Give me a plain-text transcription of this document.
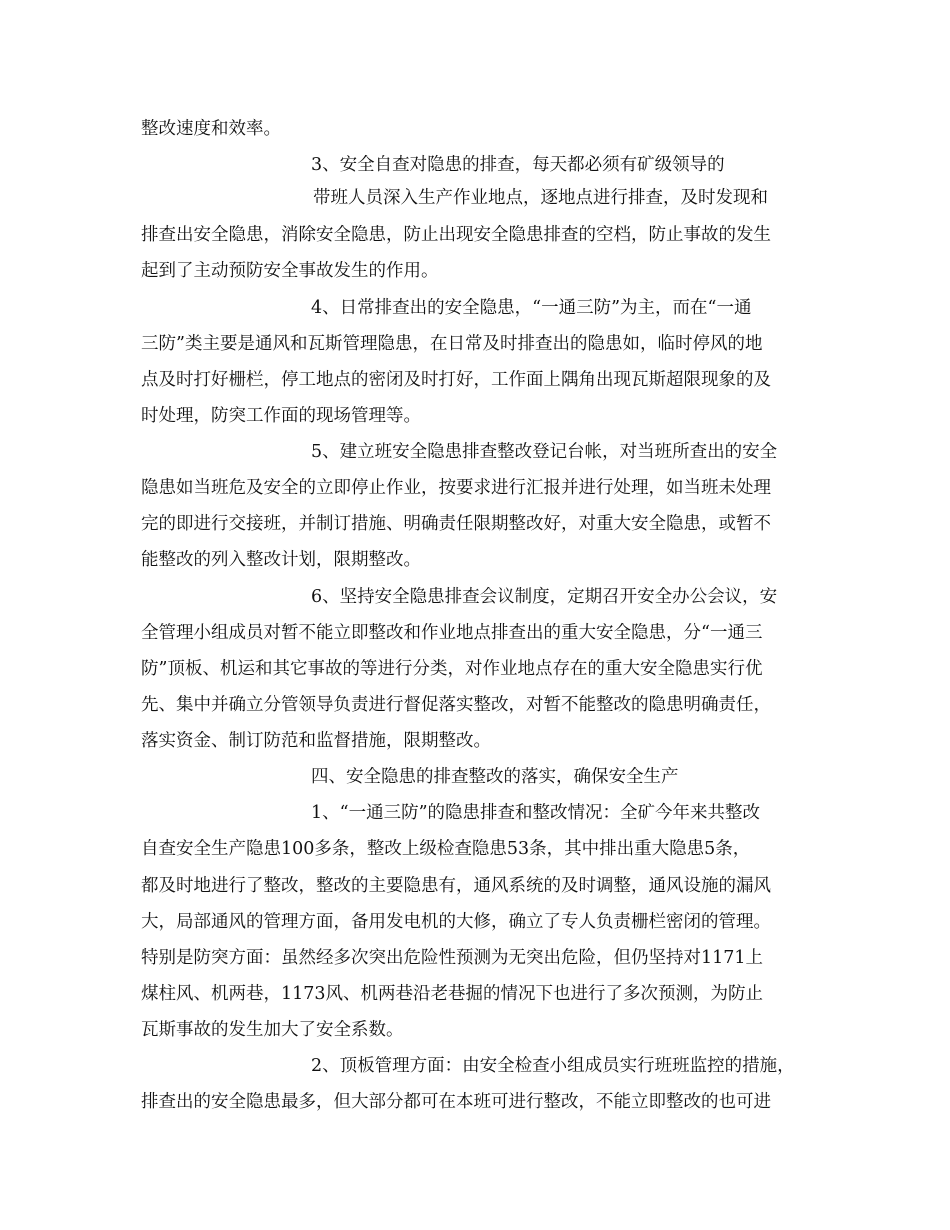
整改速度和效率。
3、安全自查对隐患的排查，每天都必须有矿级领导的
带班人员深入生产作业地点，逐地点进行排查，及时发现和
排查出安全隐患，消除安全隐患，防止出现安全隐患排查的空档，防止事故的发生
起到了主动预防安全事故发生的作用。
4、日常排查出的安全隐患，“一通三防”为主，而在“一通
三防”类主要是通风和瓦斯管理隐患，在日常及时排查出的隐患如，临时停风的地
点及时打好栅栏，停工地点的密闭及时打好，工作面上隅角出现瓦斯超限现象的及
时处理，防突工作面的现场管理等。
5、建立班安全隐患排查整改登记台帐，对当班所查出的安全
隐患如当班危及安全的立即停止作业，按要求进行汇报并进行处理，如当班未处理
完的即进行交接班，并制订措施、明确责任限期整改好，对重大安全隐患，或暂不
能整改的列入整改计划，限期整改。
6、坚持安全隐患排查会议制度，定期召开安全办公会议，安
全管理小组成员对暂不能立即整改和作业地点排查出的重大安全隐患，分“一通三
防”顶板、机运和其它事故的等进行分类，对作业地点存在的重大安全隐患实行优
先、集中并确立分管领导负责进行督促落实整改，对暂不能整改的隐患明确责任，
落实资金、制订防范和监督措施，限期整改。
四、安全隐患的排查整改的落实，确保安全生产
1、“一通三防”的隐患排查和整改情况：全矿今年来共整改
自查安全生产隐患100多条，整改上级检查隐患53条，其中排出重大隐患5条，
都及时地进行了整改，整改的主要隐患有，通风系统的及时调整，通风设施的漏风
大，局部通风的管理方面，备用发电机的大修，确立了专人负责栅栏密闭的管理。
特别是防突方面：虽然经多次突出危险性预测为无突出危险，但仍坚持对1171上
煤柱风、机两巷，1173风、机两巷沿老巷掘的情况下也进行了多次预测，为防止
瓦斯事故的发生加大了安全系数。
2、顶板管理方面：由安全检查小组成员实行班班监控的措施，
排查出的安全隐患最多，但大部分都可在本班可进行整改，不能立即整改的也可进
